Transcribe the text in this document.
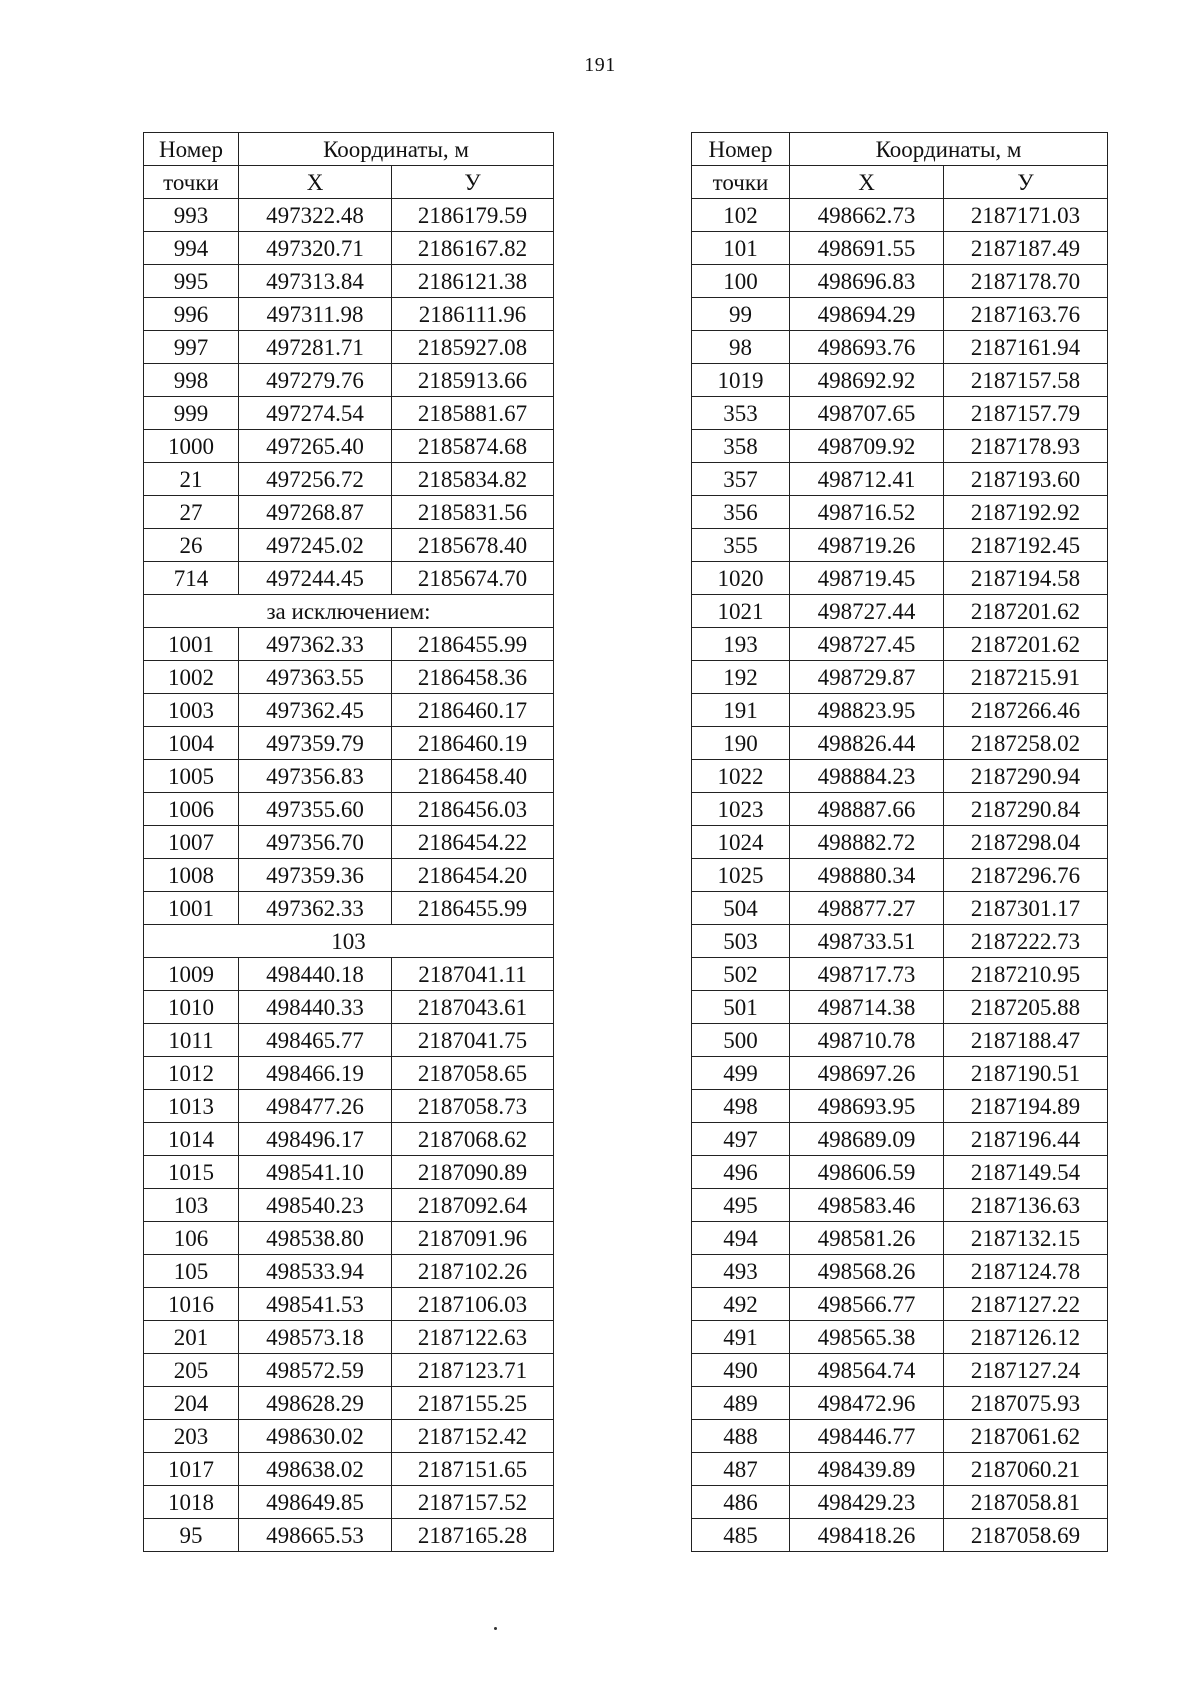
191
Номер	Координаты, м	
точки	X	У
993	497322.48	2186179.59
994	497320.71	2186167.82
995	497313.84	2186121.38
996	497311.98	2186111.96
997	497281.71	2185927.08
998	497279.76	2185913.66
999	497274.54	2185881.67
1000	497265.40	2185874.68
21	497256.72	2185834.82
27	497268.87	2185831.56
26	497245.02	2185678.40
714	497244.45	2185674.70
за исключением:		
1001	497362.33	2186455.99
1002	497363.55	2186458.36
1003	497362.45	2186460.17
1004	497359.79	2186460.19
1005	497356.83	2186458.40
1006	497355.60	2186456.03
1007	497356.70	2186454.22
1008	497359.36	2186454.20
1001	497362.33	2186455.99
103		
1009	498440.18	2187041.11
1010	498440.33	2187043.61
1011	498465.77	2187041.75
1012	498466.19	2187058.65
1013	498477.26	2187058.73
1014	498496.17	2187068.62
1015	498541.10	2187090.89
103	498540.23	2187092.64
106	498538.80	2187091.96
105	498533.94	2187102.26
1016	498541.53	2187106.03
201	498573.18	2187122.63
205	498572.59	2187123.71
204	498628.29	2187155.25
203	498630.02	2187152.42
1017	498638.02	2187151.65
1018	498649.85	2187157.52
95	498665.53	2187165.28
Номер	Координаты, м	
точки	X	У
102	498662.73	2187171.03
101	498691.55	2187187.49
100	498696.83	2187178.70
99	498694.29	2187163.76
98	498693.76	2187161.94
1019	498692.92	2187157.58
353	498707.65	2187157.79
358	498709.92	2187178.93
357	498712.41	2187193.60
356	498716.52	2187192.92
355	498719.26	2187192.45
1020	498719.45	2187194.58
1021	498727.44	2187201.62
193	498727.45	2187201.62
192	498729.87	2187215.91
191	498823.95	2187266.46
190	498826.44	2187258.02
1022	498884.23	2187290.94
1023	498887.66	2187290.84
1024	498882.72	2187298.04
1025	498880.34	2187296.76
504	498877.27	2187301.17
503	498733.51	2187222.73
502	498717.73	2187210.95
501	498714.38	2187205.88
500	498710.78	2187188.47
499	498697.26	2187190.51
498	498693.95	2187194.89
497	498689.09	2187196.44
496	498606.59	2187149.54
495	498583.46	2187136.63
494	498581.26	2187132.15
493	498568.26	2187124.78
492	498566.77	2187127.22
491	498565.38	2187126.12
490	498564.74	2187127.24
489	498472.96	2187075.93
488	498446.77	2187061.62
487	498439.89	2187060.21
486	498429.23	2187058.81
485	498418.26	2187058.69
